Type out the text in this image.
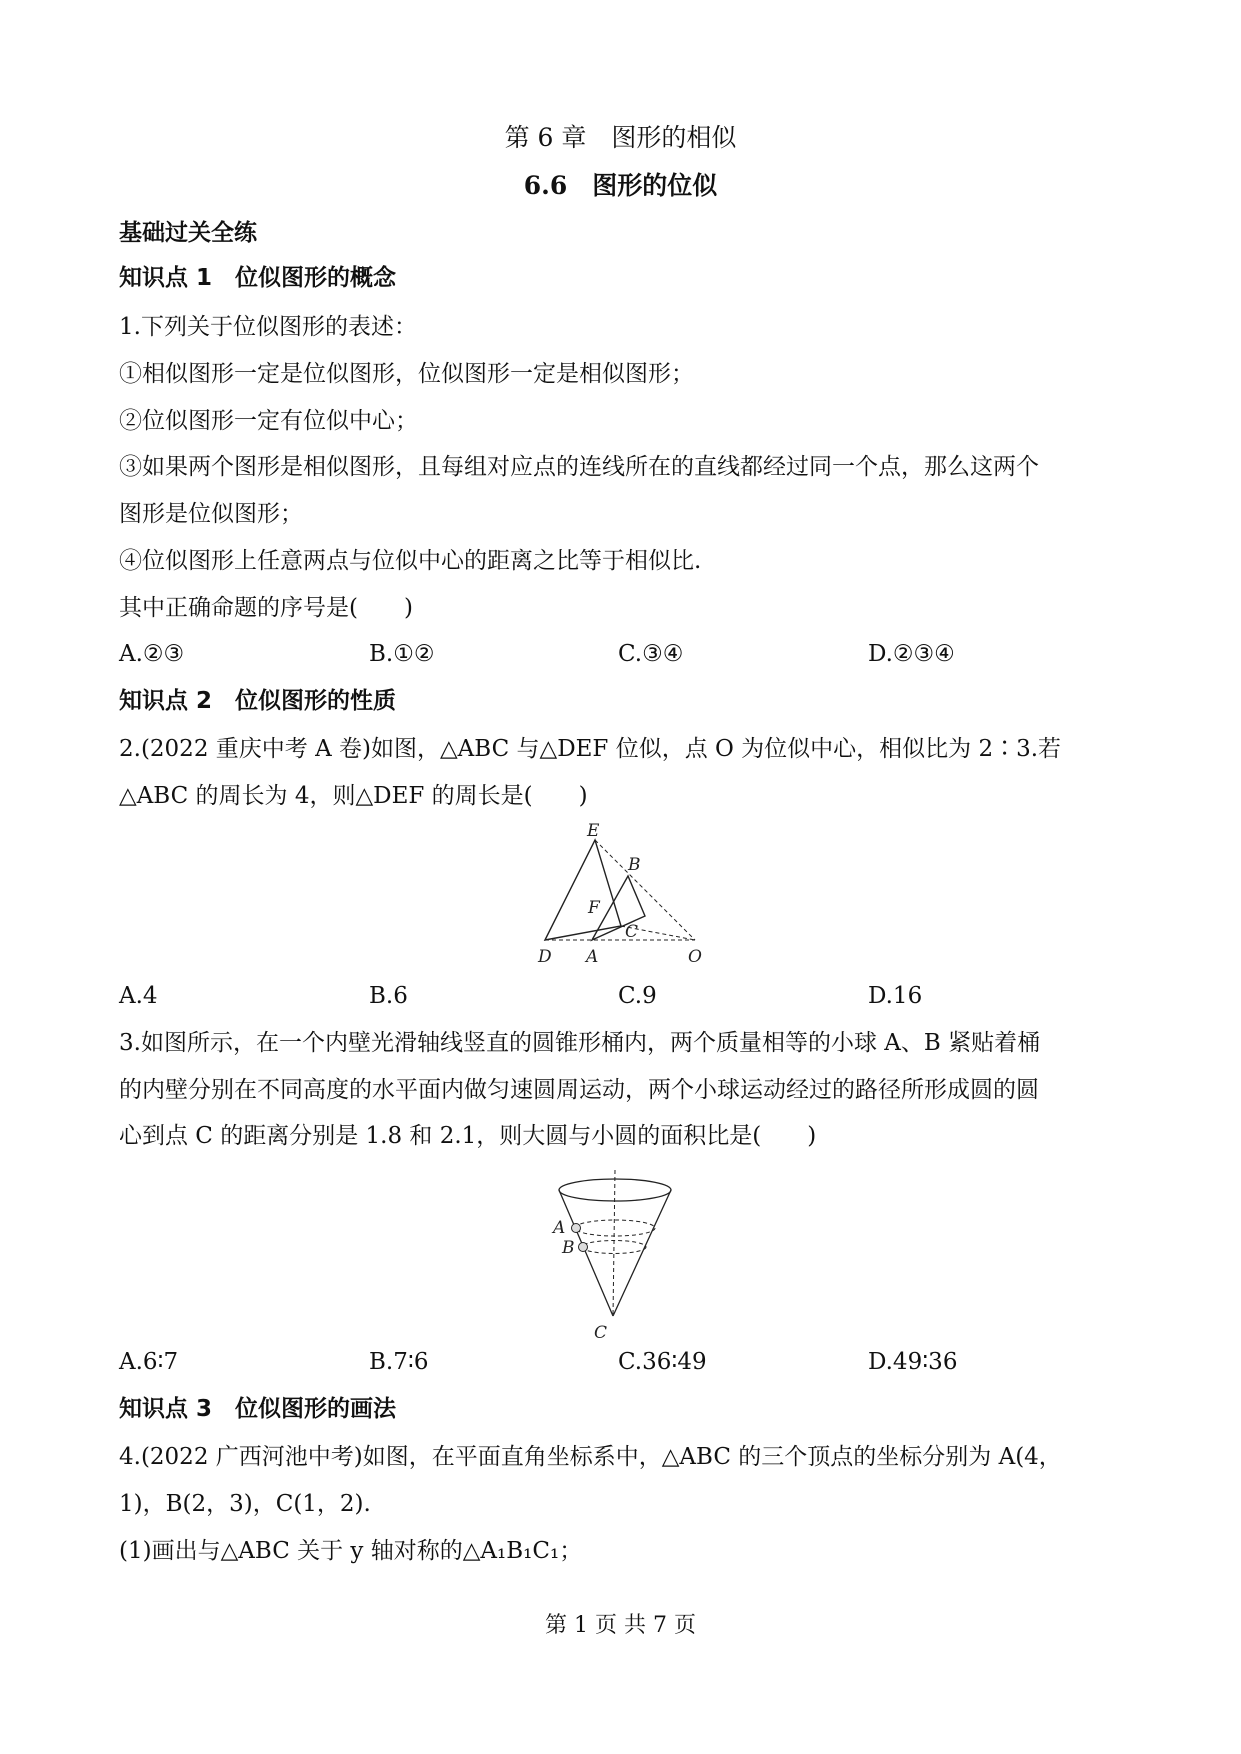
第 6 章　图形的相似
6.6　图形的位似
基础过关全练
知识点 1　位似图形的概念
1.下列关于位似图形的表述：
①相似图形一定是位似图形，位似图形一定是相似图形；
②位似图形一定有位似中心；
③如果两个图形是相似图形，且每组对应点的连线所在的直线都经过同一个点，那么这两个
图形是位似图形；
④位似图形上任意两点与位似中心的距离之比等于相似比.
其中正确命题的序号是(　　)
A.②③	B.①②	C.③④	D.②③④
知识点 2　位似图形的性质
2.(2022 重庆中考 A 卷)如图，△ABC 与△DEF 位似，点 O 为位似中心，相似比为 2∶3.若
△ABC 的周长为 4，则△DEF 的周长是(　　)
E
B
F
C
D A	O
A.4	B.6	C.9	D.16
3.如图所示，在一个内壁光滑轴线竖直的圆锥形桶内，两个质量相等的小球 A、B 紧贴着桶
的内壁分别在不同高度的水平面内做匀速圆周运动，两个小球运动经过的路径所形成圆的圆
心到点 C 的距离分别是 1.8 和 2.1，则大圆与小圆的面积比是(　　)
A
B
C
A.6∶7	B.7∶6	C.36∶49	D.49∶36
知识点 3　位似图形的画法
4.(2022 广西河池中考)如图，在平面直角坐标系中，△ABC 的三个顶点的坐标分别为 A(4，
1)，B(2，3)，C(1，2).
(1)画出与△ABC 关于 y 轴对称的△A₁B₁C₁；
第 1 页 共 7 页
